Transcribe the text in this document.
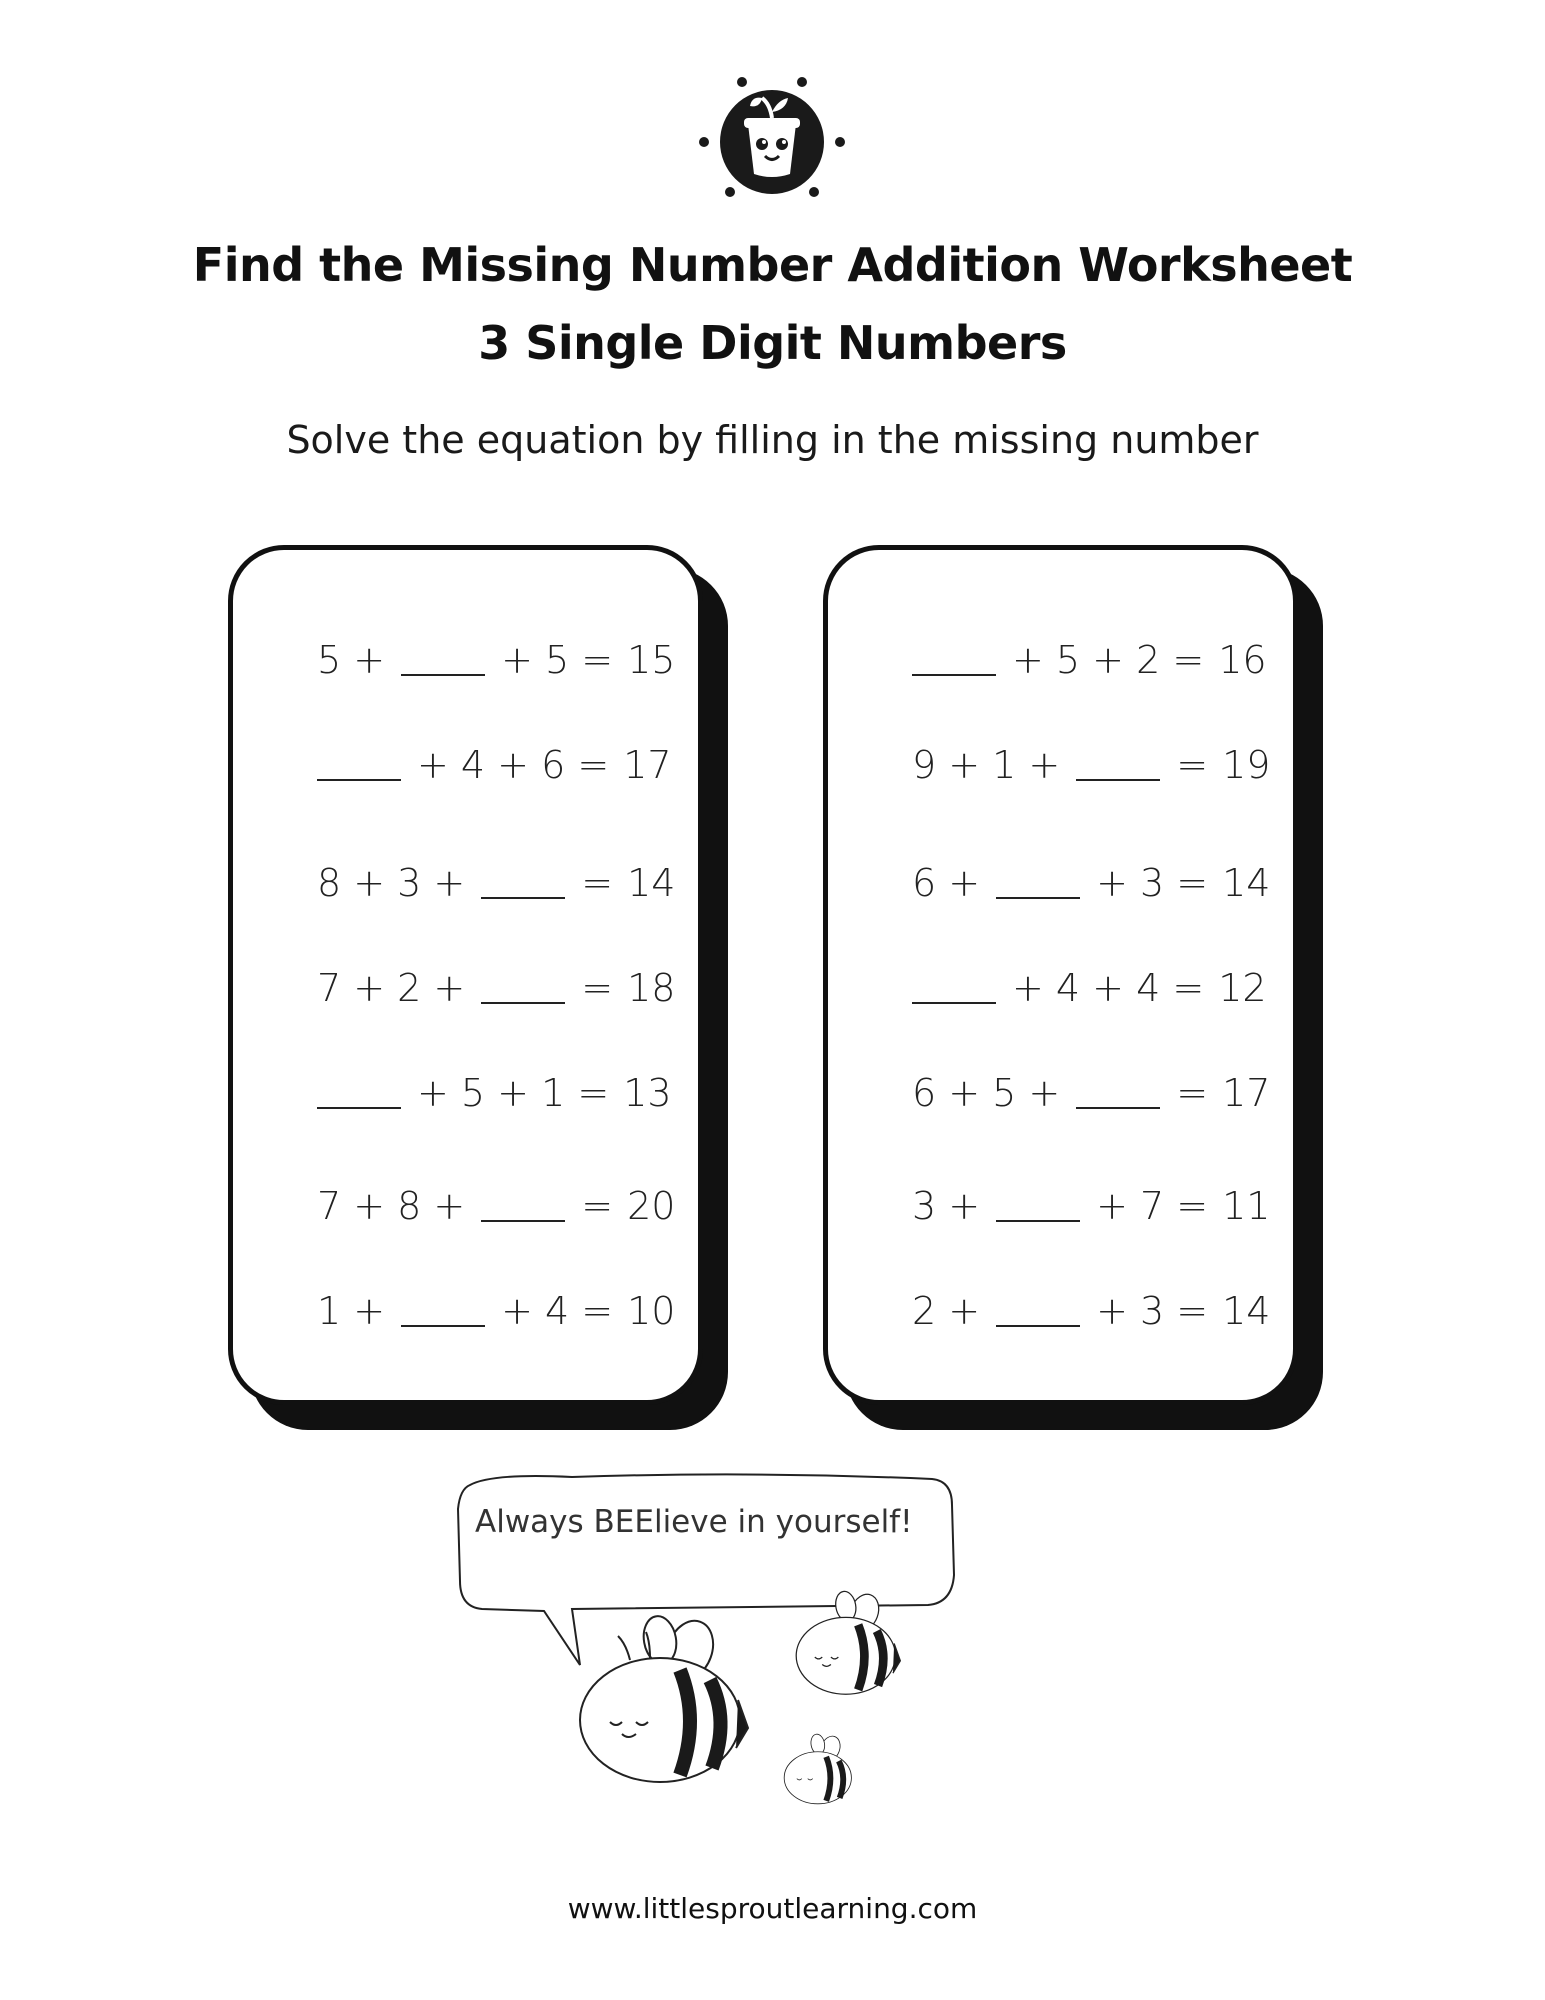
Find the Missing Number Addition Worksheet
3 Single Digit Numbers

Solve the equation by filling in the missing number

5 +	+ 5 = 15
+ 4 + 6 = 17
8 + 3 +	= 14
7 + 2 +	= 18
+ 5 + 1 = 13
7 + 8 +	= 20
1 +	+ 4 = 10
+ 5 + 2 = 16
9 + 1 +	= 19
6 +	+ 3 = 14
+ 4 + 4 = 12
6 + 5 +	= 17
3 +	+ 7 = 11
2 +	+ 3 = 14
Always BEElieve in yourself!
www.littlesproutlearning.com
